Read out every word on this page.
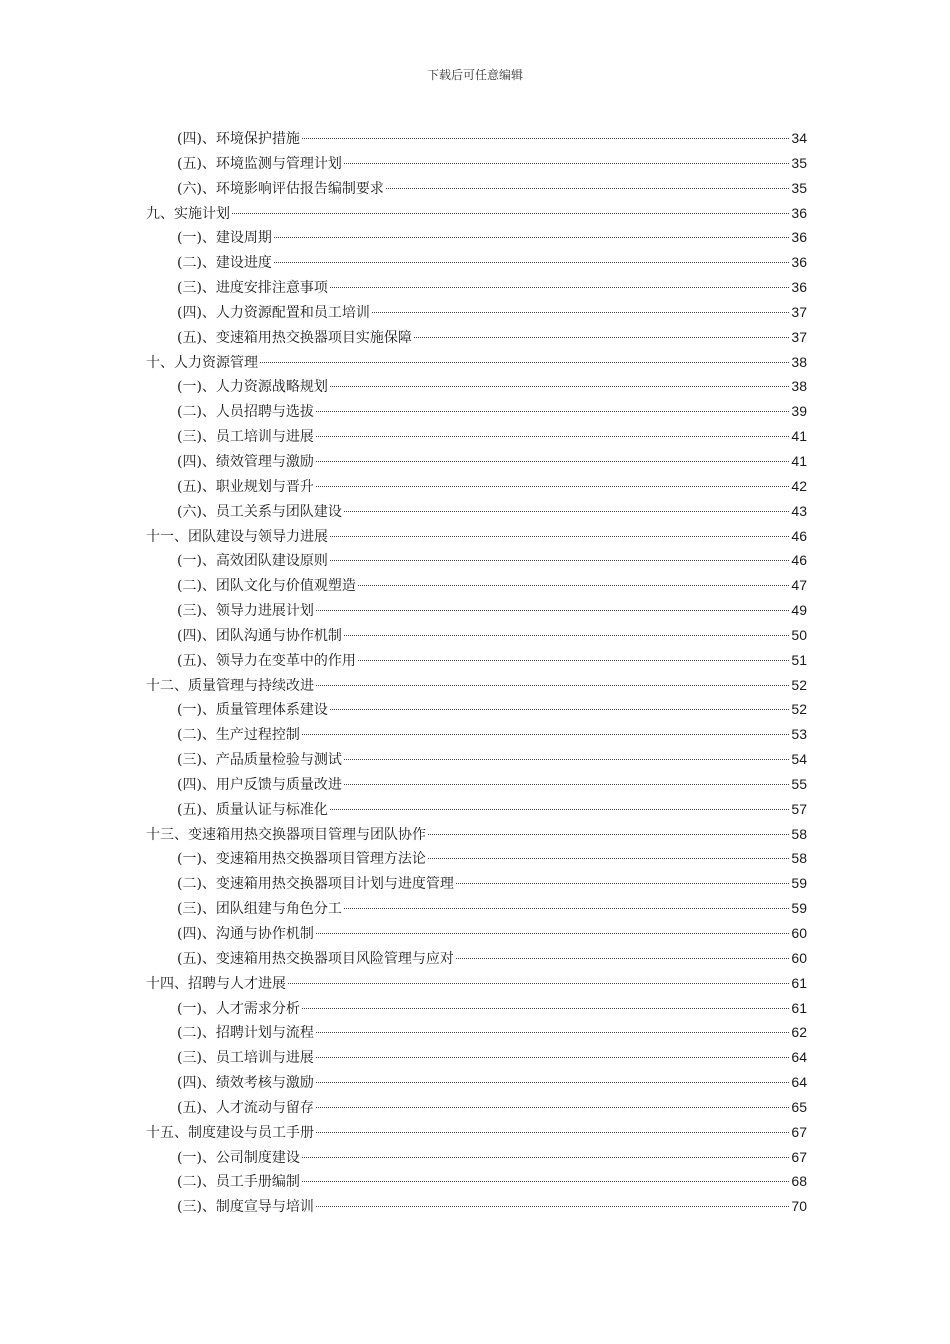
下载后可任意编辑
(四)、环境保护措施	34
(五)、环境监测与管理计划	35
(六)、环境影响评估报告编制要求	35
九、实施计划	36
(一)、建设周期	36
(二)、建设进度	36
(三)、进度安排注意事项	36
(四)、人力资源配置和员工培训	37
(五)、变速箱用热交换器项目实施保障	37
十、人力资源管理	38
(一)、人力资源战略规划	38
(二)、人员招聘与选拔	39
(三)、员工培训与进展	41
(四)、绩效管理与激励	41
(五)、职业规划与晋升	42
(六)、员工关系与团队建设	43
十一、团队建设与领导力进展	46
(一)、高效团队建设原则	46
(二)、团队文化与价值观塑造	47
(三)、领导力进展计划	49
(四)、团队沟通与协作机制	50
(五)、领导力在变革中的作用	51
十二、质量管理与持续改进	52
(一)、质量管理体系建设	52
(二)、生产过程控制	53
(三)、产品质量检验与测试	54
(四)、用户反馈与质量改进	55
(五)、质量认证与标准化	57
十三、变速箱用热交换器项目管理与团队协作	58
(一)、变速箱用热交换器项目管理方法论	58
(二)、变速箱用热交换器项目计划与进度管理	59
(三)、团队组建与角色分工	59
(四)、沟通与协作机制	60
(五)、变速箱用热交换器项目风险管理与应对	60
十四、招聘与人才进展	61
(一)、人才需求分析	61
(二)、招聘计划与流程	62
(三)、员工培训与进展	64
(四)、绩效考核与激励	64
(五)、人才流动与留存	65
十五、制度建设与员工手册	67
(一)、公司制度建设	67
(二)、员工手册编制	68
(三)、制度宣导与培训	70
